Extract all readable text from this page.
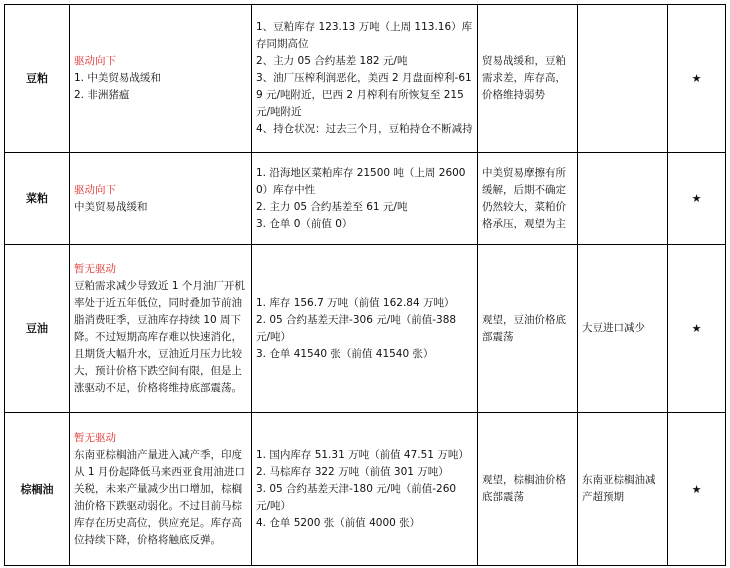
豆粕	驱动向下
1. 中美贸易战缓和
2. 非洲猪瘟	1、豆粕库存 123.13 万吨（上周 113.16）库存同期高位
2、主力 05 合约基差 182 元/吨
3、油厂压榨利润恶化，美西 2 月盘面榨利-619 元/吨附近，巴西 2 月榨利有所恢复至 215 元/吨附近
4、持仓状况：过去三个月，豆粕持仓不断减持	贸易战缓和，豆粕需求差，库存高，价格维持弱势		★
菜粕	驱动向下
中美贸易战缓和	1. 沿海地区菜粕库存 21500 吨（上周 26000）库存中性
2. 主力 05 合约基差至 61 元/吨
3. 仓单 0（前值 0）	中美贸易摩擦有所缓解，后期不确定仍然较大，菜粕价格承压，观望为主		★
豆油	暂无驱动
豆粕需求减少导致近 1 个月油厂开机率处于近五年低位，同时叠加节前油脂消费旺季，豆油库存持续 10 周下降。不过短期高库存难以快速消化，且期货大幅升水，豆油近月压力比较大，预计价格下跌空间有限，但是上涨驱动不足，价格将维持底部震荡。	1. 库存 156.7 万吨（前值 162.84 万吨）
2. 05 合约基差天津-306 元/吨（前值-388 元/吨）
3. 仓单 41540 张（前值 41540 张）	观望，豆油价格底部震荡	大豆进口减少	★
棕榈油	暂无驱动
东南亚棕榈油产量进入减产季，印度从 1 月份起降低马来西亚食用油进口关税，未来产量减少出口增加，棕榈油价格下跌驱动弱化。不过目前马棕库存在历史高位，供应充足。库存高位持续下降，价格将触底反弹。	1. 国内库存 51.31 万吨（前值 47.51 万吨）
2. 马棕库存 322 万吨（前值 301 万吨）
3. 05 合约基差天津-180 元/吨（前值-260 元/吨）
4. 仓单 5200 张（前值 4000 张）	观望，棕榈油价格底部震荡	东南亚棕榈油减产超预期	★
